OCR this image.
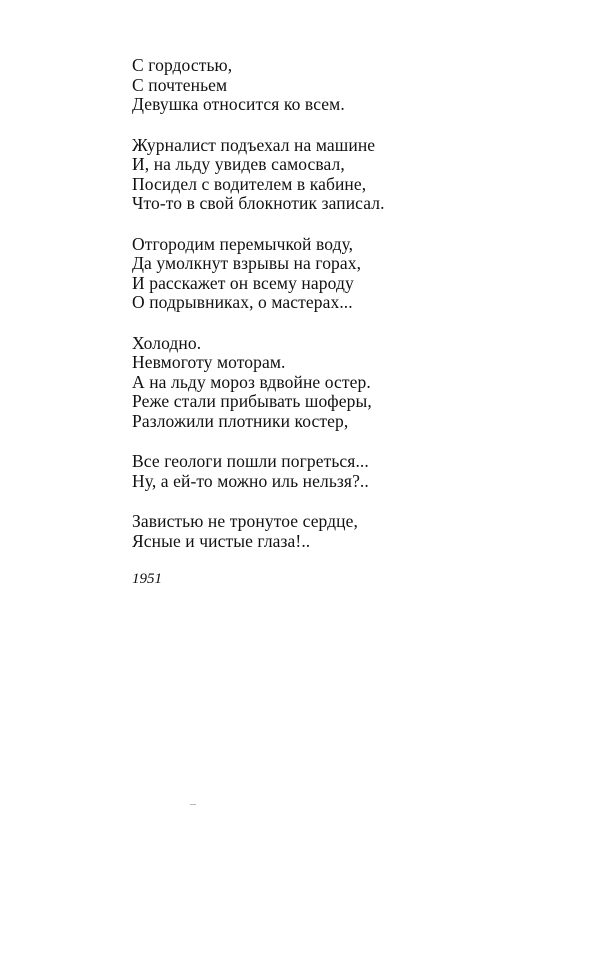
С гордостью,
С почтеньем
Девушка относится ко всем.
Журналист подъехал на машине
И, на льду увидев самосвал,
Посидел с водителем в кабине,
Что-то в свой блокнотик записал.
Отгородим перемычкой воду,
Да умолкнут взрывы на горах,
И расскажет он всему народу
О подрывниках, о мастерах...
Холодно.
Невмоготу моторам.
А на льду мороз вдвойне остер.
Реже стали прибывать шоферы,
Разложили плотники костер,
Все геологи пошли погреться...
Ну, а ей-то можно иль нельзя?..
Завистью не тронутое сердце,
Ясные и чистые глаза!..
1951
